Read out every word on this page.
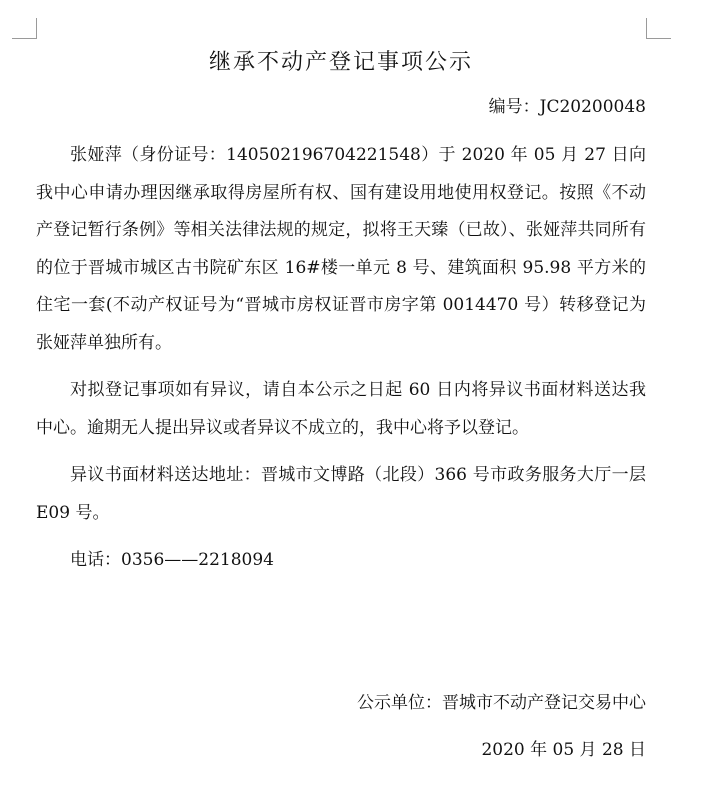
继承不动产登记事项公示
编号：JC20200048

张娅萍（身份证号：140502196704221548）于 2020 年 05 月 27 日向我中心申请办理因继承取得房屋所有权、国有建设用地使用权登记。按照《不动产登记暂行条例》等相关法律法规的规定，拟将王天臻（已故）、张娅萍共同所有的位于晋城市城区古书院矿东区 16#楼一单元 8 号、建筑面积 95.98 平方米的住宅一套(不动产权证号为“晋城市房权证晋市房字第 0014470 号）转移登记为张娅萍单独所有。

对拟登记事项如有异议，请自本公示之日起 60 日内将异议书面材料送达我中心。逾期无人提出异议或者异议不成立的，我中心将予以登记。

异议书面材料送达地址：晋城市文博路（北段）366 号市政务服务大厅一层 E09 号。

电话：0356——2218094

公示单位：晋城市不动产登记交易中心
2020 年 05 月 28 日
